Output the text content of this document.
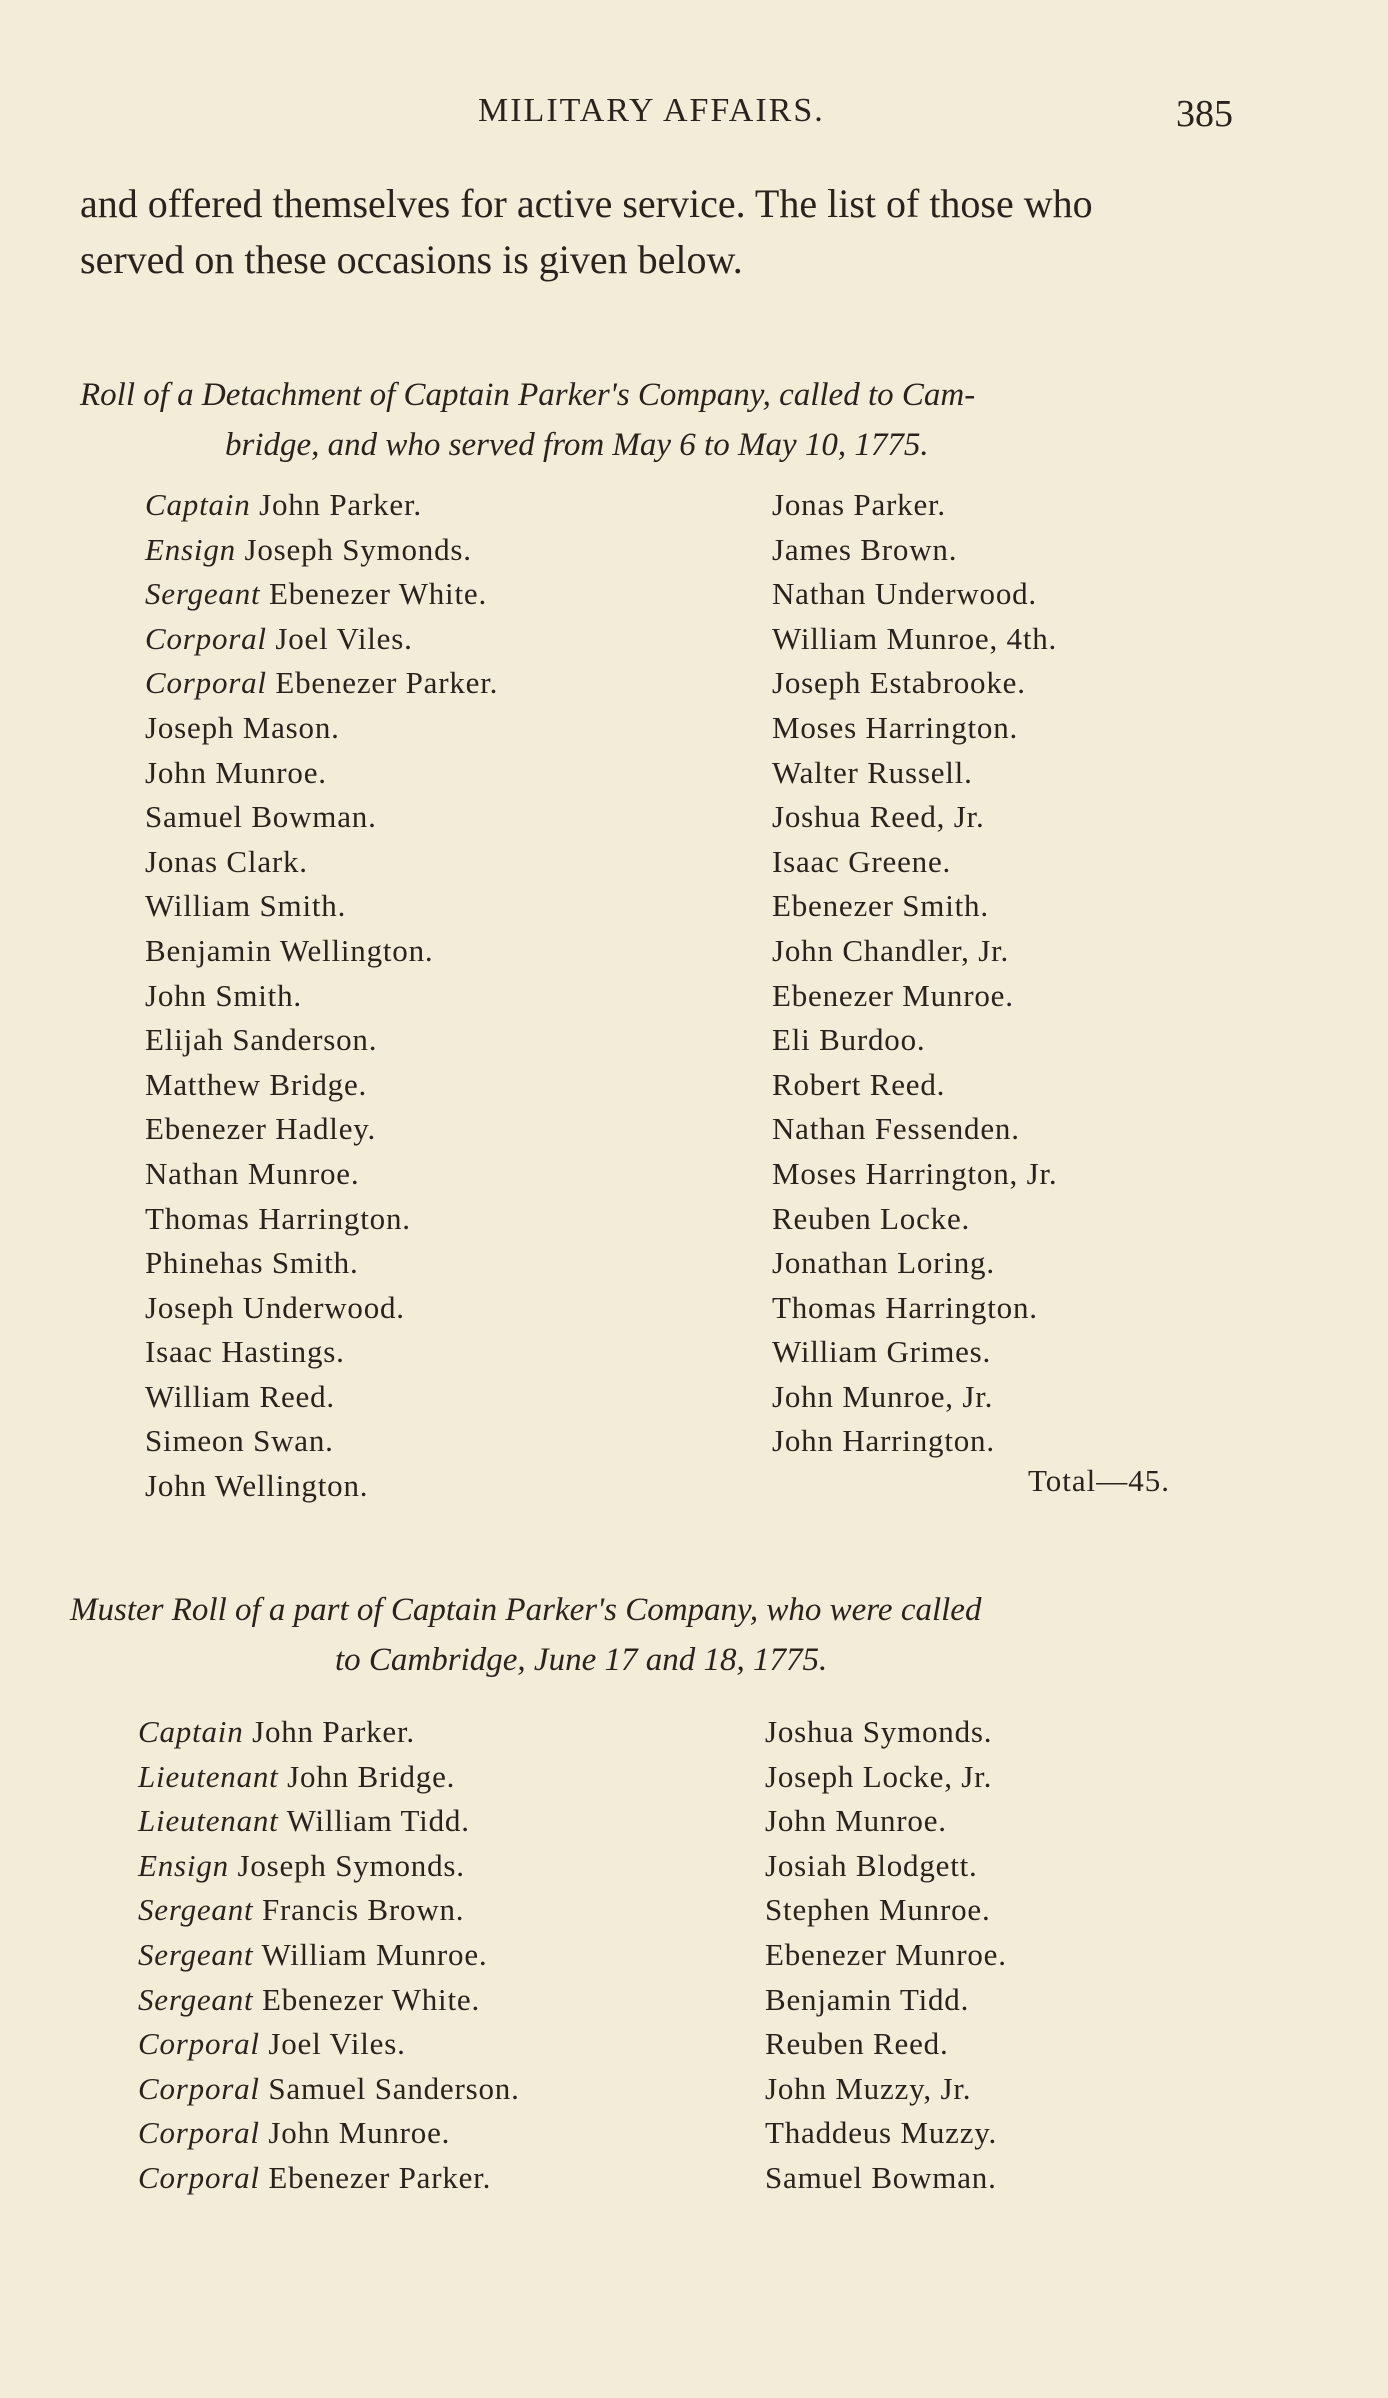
MILITARY AFFAIRS.	385

and offered themselves for active service. The list of those who

served on these occasions is given below.

Roll of a Detachment of Captain Parker's Company, called to Cam-
bridge, and who served from May 6 to May 10, 1775.
Captain John Parker.
Ensign Joseph Symonds.
Sergeant Ebenezer White.
Corporal Joel Viles.
Corporal Ebenezer Parker.
Joseph Mason.
John Munroe.
Samuel Bowman.
Jonas Clark.
William Smith.
Benjamin Wellington.
John Smith.
Elijah Sanderson.
Matthew Bridge.
Ebenezer Hadley.
Nathan Munroe.
Thomas Harrington.
Phinehas Smith.
Joseph Underwood.
Isaac Hastings.
William Reed.
Simeon Swan.
John Wellington.
Jonas Parker.
James Brown.
Nathan Underwood.
William Munroe, 4th.
Joseph Estabrooke.
Moses Harrington.
Walter Russell.
Joshua Reed, Jr.
Isaac Greene.
Ebenezer Smith.
John Chandler, Jr.
Ebenezer Munroe.
Eli Burdoo.
Robert Reed.
Nathan Fessenden.
Moses Harrington, Jr.
Reuben Locke.
Jonathan Loring.
Thomas Harrington.
William Grimes.
John Munroe, Jr.
John Harrington.
Total—45.
Muster Roll of a part of Captain Parker's Company, who were called
to Cambridge, June 17 and 18, 1775.
Captain John Parker.
Lieutenant John Bridge.
Lieutenant William Tidd.
Ensign Joseph Symonds.
Sergeant Francis Brown.
Sergeant William Munroe.
Sergeant Ebenezer White.
Corporal Joel Viles.
Corporal Samuel Sanderson.
Corporal John Munroe.
Corporal Ebenezer Parker.
Joshua Symonds.
Joseph Locke, Jr.
John Munroe.
Josiah Blodgett.
Stephen Munroe.
Ebenezer Munroe.
Benjamin Tidd.
Reuben Reed.
John Muzzy, Jr.
Thaddeus Muzzy.
Samuel Bowman.
